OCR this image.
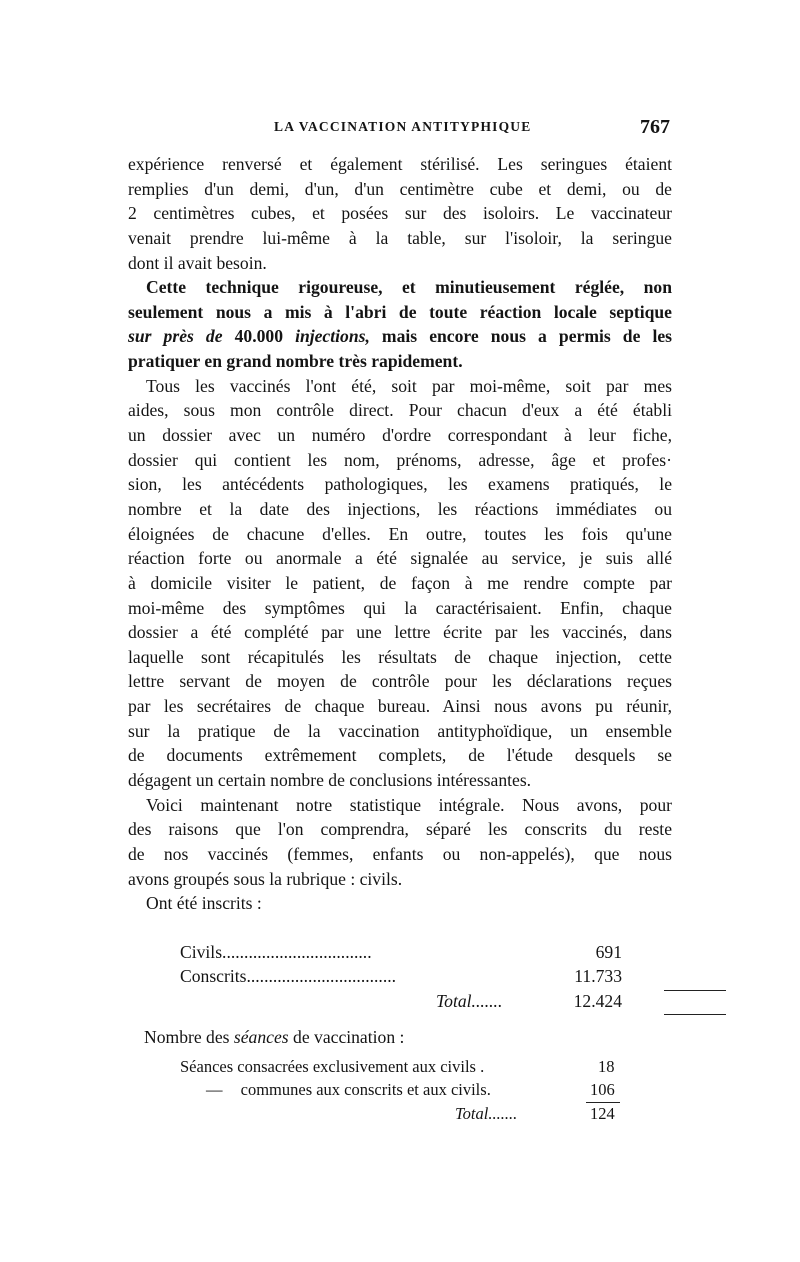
LA VACCINATION ANTITYPHIQUE	767
expérience renversé et également stérilisé. Les seringues étaient
remplies d'un demi, d'un, d'un centimètre cube et demi, ou de
2 centimètres cubes, et posées sur des isoloirs. Le vaccinateur
venait prendre lui-même à la table, sur l'isoloir, la seringue
dont il avait besoin.
Cette technique rigoureuse, et minutieusement réglée, non
seulement nous a mis à l'abri de toute réaction locale septique
sur près de 40.000 injections, mais encore nous a permis de les
pratiquer en grand nombre très rapidement.
Tous les vaccinés l'ont été, soit par moi-même, soit par mes
aides, sous mon contrôle direct. Pour chacun d'eux a été établi
un dossier avec un numéro d'ordre correspondant à leur fiche,
dossier qui contient les nom, prénoms, adresse, âge et profes·
sion, les antécédents pathologiques, les examens pratiqués, le
nombre et la date des injections, les réactions immédiates ou
éloignées de chacune d'elles. En outre, toutes les fois qu'une
réaction forte ou anormale a été signalée au service, je suis allé
à domicile visiter le patient, de façon à me rendre compte par
moi-même des symptômes qui la caractérisaient. Enfin, chaque
dossier a été complété par une lettre écrite par les vaccinés, dans
laquelle sont récapitulés les résultats de chaque injection, cette
lettre servant de moyen de contrôle pour les déclarations reçues
par les secrétaires de chaque bureau. Ainsi nous avons pu réunir,
sur la pratique de la vaccination antityphoïdique, un ensemble
de documents extrêmement complets, de l'étude desquels se
dégagent un certain nombre de conclusions intéressantes.
Voici maintenant notre statistique intégrale. Nous avons, pour
des raisons que l'on comprendra, séparé les conscrits du reste
de nos vaccinés (femmes, enfants ou non-appelés), que nous
avons groupés sous la rubrique : civils.
Ont été inscrits :
Civils..................................	691
Conscrits..................................	11.733
Total.......	12.424
Nombre des séances de vaccination :
Séances consacrées exclusivement aux civils .	18
— communes aux conscrits et aux civils.	106
Total.......	124
